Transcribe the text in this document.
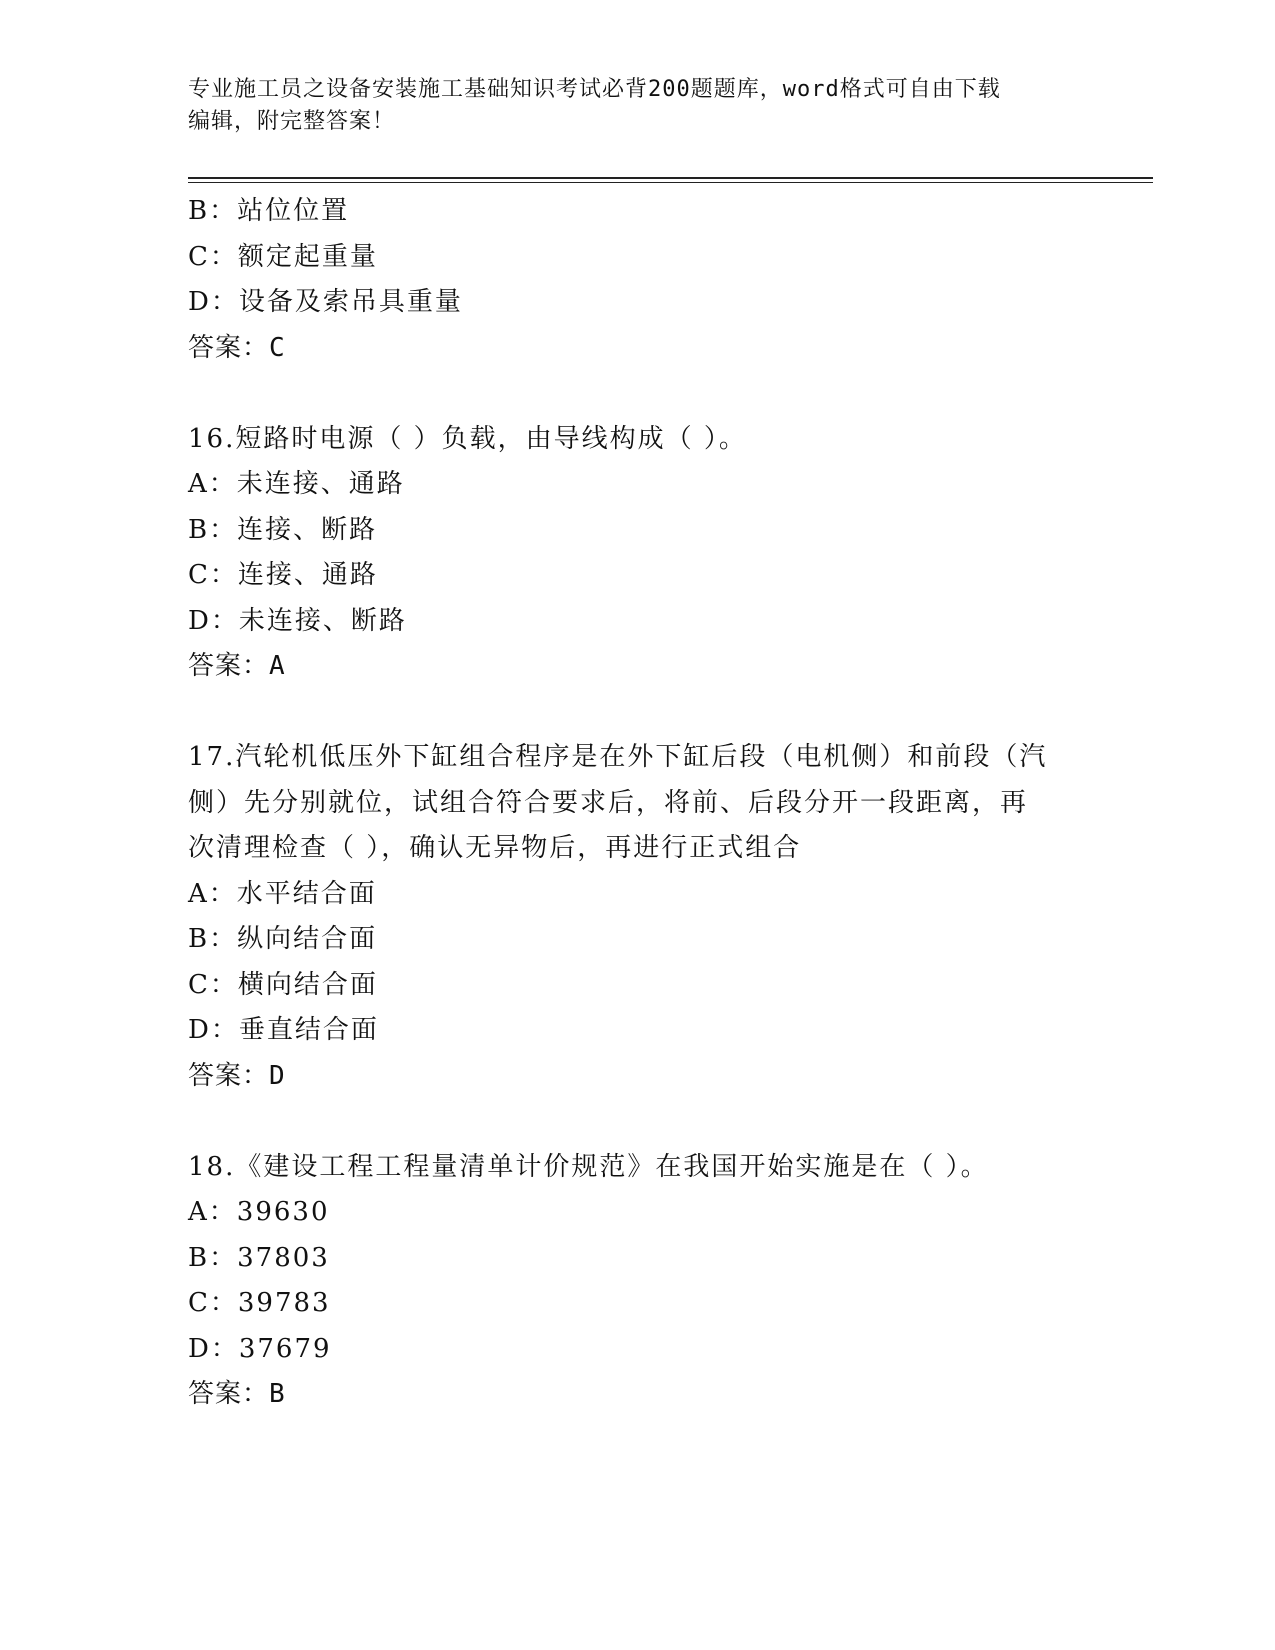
专业施工员之设备安装施工基础知识考试必背200题题库，word格式可自由下载
编辑，附完整答案！
B：站位位置
C：额定起重量
D：设备及索吊具重量
答案：C
16.短路时电源（ ）负载，由导线构成（ ）。
A：未连接、通路
B：连接、断路
C：连接、通路
D：未连接、断路
答案：A
17.汽轮机低压外下缸组合程序是在外下缸后段（电机侧）和前段（汽
侧）先分别就位，试组合符合要求后，将前、后段分开一段距离，再
次清理检查（ ），确认无异物后，再进行正式组合
A：水平结合面
B：纵向结合面
C：横向结合面
D：垂直结合面
答案：D
18.《建设工程工程量清单计价规范》在我国开始实施是在（ ）。
A：39630
B：37803
C：39783
D：37679
答案：B
